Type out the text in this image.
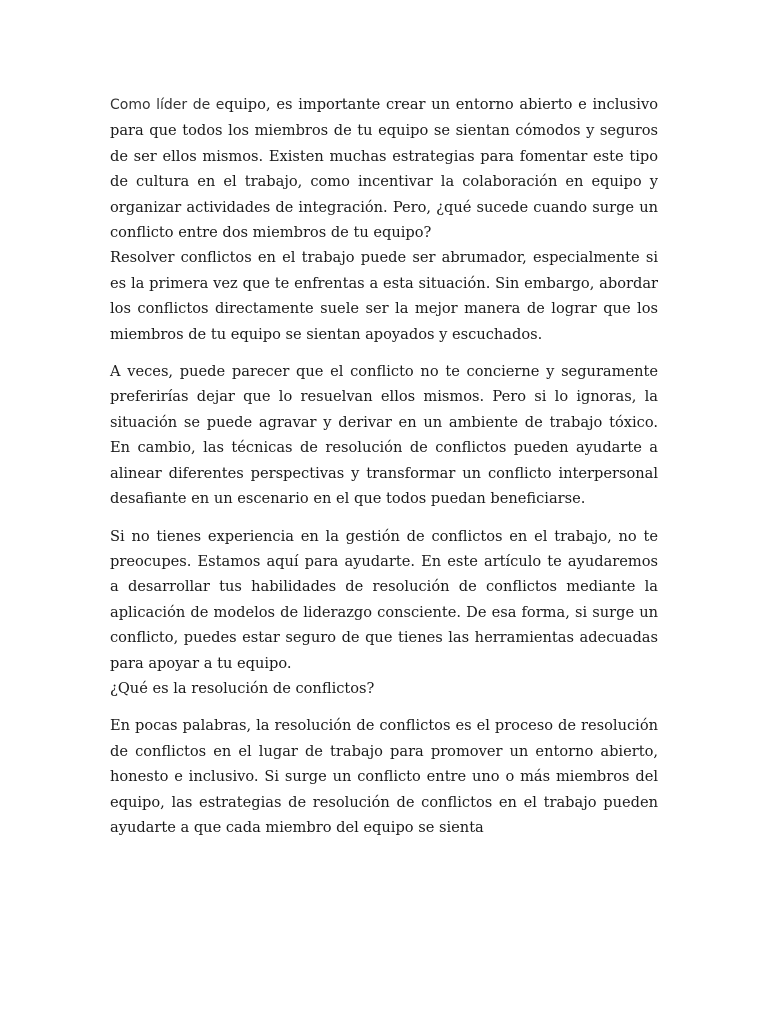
Como líder de equipo, es importante crear un entorno abierto e inclusivo para que todos los miembros de tu equipo se sientan cómodos y seguros de ser ellos mismos. Existen muchas estrategias para fomentar este tipo de cultura en el trabajo, como incentivar la colaboración en equipo y organizar actividades de integración. Pero, ¿qué sucede cuando surge un conflicto entre dos miembros de tu equipo?

Resolver conflictos en el trabajo puede ser abrumador, especialmente si es la primera vez que te enfrentas a esta situación. Sin embargo, abordar los conflictos directamente suele ser la mejor manera de lograr que los miembros de tu equipo se sientan apoyados y escuchados.

A veces, puede parecer que el conflicto no te concierne y seguramente preferirías dejar que lo resuelvan ellos mismos. Pero si lo ignoras, la situación se puede agravar y derivar en un ambiente de trabajo tóxico. En cambio, las técnicas de resolución de conflictos pueden ayudarte a alinear diferentes perspectivas y transformar un conflicto interpersonal desafiante en un escenario en el que todos puedan beneficiarse.

Si no tienes experiencia en la gestión de conflictos en el trabajo, no te preocupes. Estamos aquí para ayudarte. En este artículo te ayudaremos a desarrollar tus habilidades de resolución de conflictos mediante la aplicación de modelos de liderazgo consciente. De esa forma, si surge un conflicto, puedes estar seguro de que tienes las herramientas adecuadas para apoyar a tu equipo.

¿Qué es la resolución de conflictos?

En pocas palabras, la resolución de conflictos es el proceso de resolución de conflictos en el lugar de trabajo para promover un entorno abierto, honesto e inclusivo. Si surge un conflicto entre uno o más miembros del equipo, las estrategias de resolución de conflictos en el trabajo pueden ayudarte a que cada miembro del equipo se sienta
